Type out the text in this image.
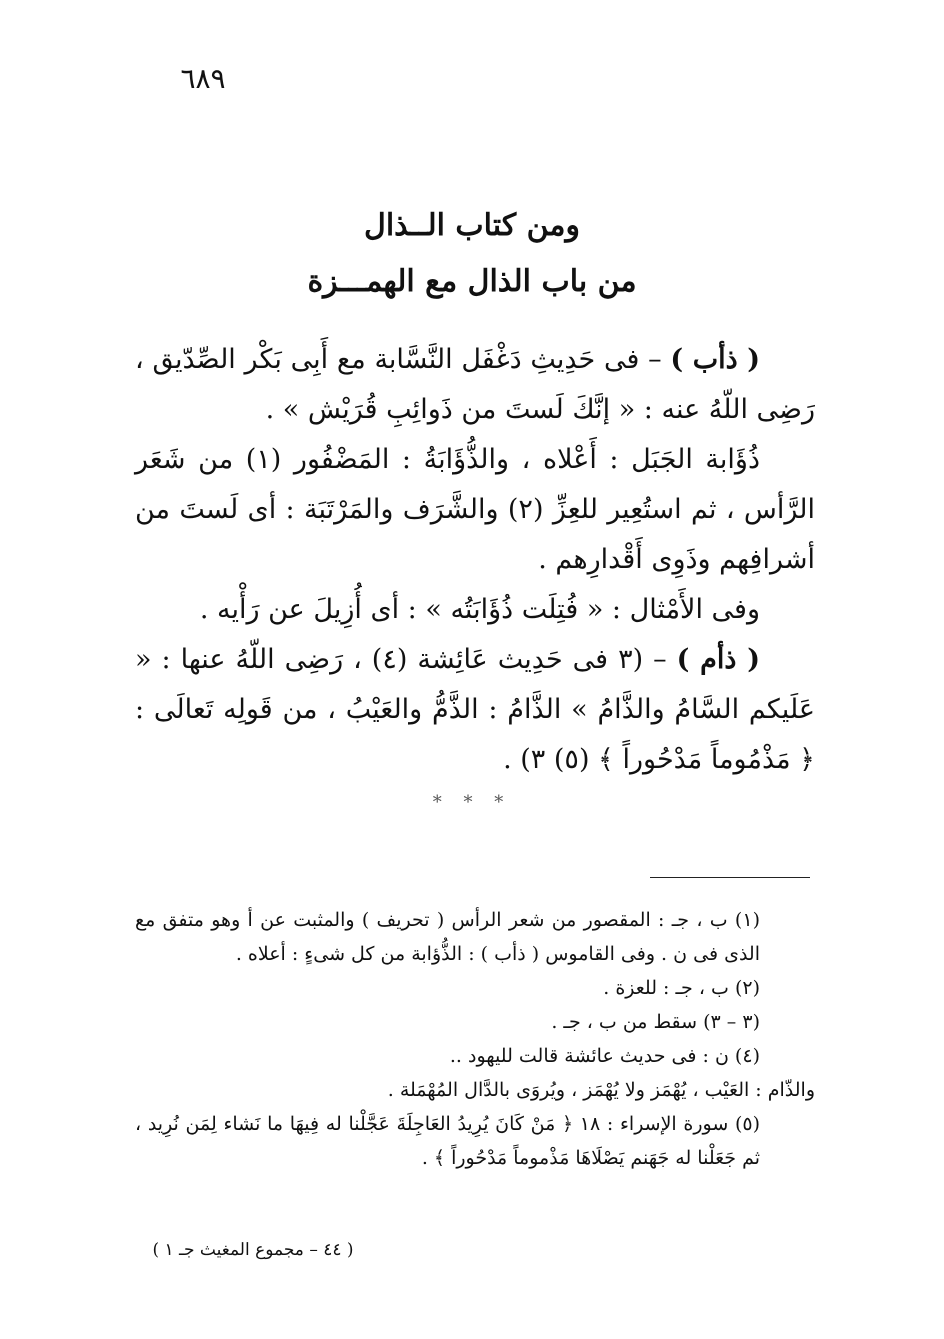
٦٨٩
ومن كتاب الــذال
من باب الذال مع الهمـــزة

( ذأب ) – فى حَدِيثِ دَغْفَل النَّسَّابة مع أَبِى بَكْر الصِّدّيق ، رَضِى اللّهُ عنه : « إنَّكَ لَستَ من ذَوائِبِ قُرَيْش » .

ذُؤَابة الجَبَل : أَعْلاه ، والذُّؤَابَةُ : المَضْفُور (١) من شَعَر الرَّأس ، ثم استُعِير للعِزِّ (٢) والشَّرَف والمَرْتَبَة : أى لَستَ من أشرافِهم وذَوِى أَقْدارِهم .

وفى الأَمْثال : « فُتِلَت ذُؤَابَتُه » : أى أُزِيلَ عن رَأْيه .

( ذأم ) – (٣ فى حَدِيث عَائِشة (٤) ، رَضِى اللّهُ عنها : « عَلَيكم السَّامُ والذَّامُ » الذَّامُ : الذَّمُّ والعَيْبُ ، من قَولِه تَعالَى : ﴿ مَذْمُوماً مَدْحُوراً ﴾ (٥) ٣) .

* * *

(١) ب ، جـ : المقصور من شعر الرأس ( تحريف ) والمثبت عن أ وهو متفق مع الذى فى ن . وفى القاموس ( ذأب ) : الذُّؤابة من كل شىءٍ : أعلاه .

(٢) ب ، جـ : للعزة .

(٣ – ٣) سقط من ب ، جـ .

(٤) ن : فى حديث عائشة قالت لليهود ..

والذّام : العَيْب ، يُهْمَز ولا يُهْمَز ، ويُروَى بالدَّال المُهْمَلة .

(٥) سورة الإسراء : ١٨ ﴿ مَنْ كَانَ يُرِيدُ العَاجِلَةَ عَجَّلْنا له فِيهَا ما نَشاء لِمَن نُرِيد ، ثم جَعَلْنا له جَهَنم يَصْلَاهَا مَذْموماً مَدْحُوراً ﴾ .

( ٤٤ – مجموع المغيث جـ ١ )
